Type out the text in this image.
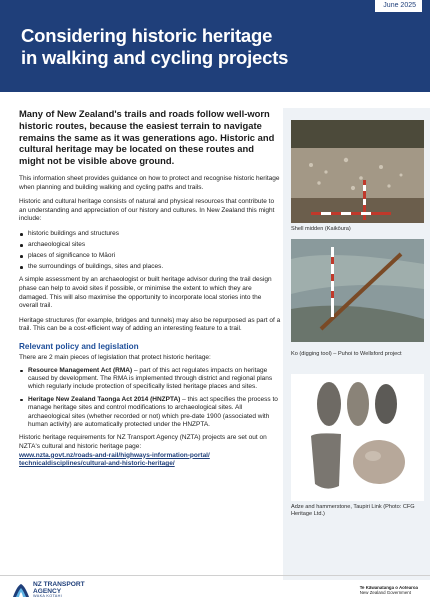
June 2025
Considering historic heritage
in walking and cycling projects

Many of New Zealand's trails and roads follow well-worn historic routes, because the easiest terrain to navigate remains the same as it was generations ago. Historic and cultural heritage may be located on these routes and might not be visible above ground.

This information sheet provides guidance on how to protect and recognise historic heritage when planning and building walking and cycling paths and trails.

Historic and cultural heritage consists of natural and physical resources that contribute to an understanding and appreciation of our history and cultures. In New Zealand this might include:

historic buildings and structures
archaeological sites
places of significance to Māori
the surroundings of buildings, sites and places.

A simple assessment by an archaeologist or built heritage advisor during the trail design phase can help to avoid sites if possible, or minimise the extent to which they are damaged. This will also maximise the opportunity to incorporate local stories into the overall trail.

Heritage structures (for example, bridges and tunnels) may also be repurposed as part of a trail. This can be a cost-efficient way of adding an interesting feature to a trail.

Relevant policy and legislation

There are 2 main pieces of legislation that protect historic heritage:

Resource Management Act (RMA) – part of this act regulates impacts on heritage caused by development. The RMA is implemented through district and regional plans which regularly include protection of specifically listed heritage places and sites.
Heritage New Zealand Taonga Act 2014 (HNZPTA) – this act specifies the process to manage heritage sites and control modifications to archaeological sites. All archaeological sites (whether recorded or not) which pre-date 1900 (associated with human activity) are automatically protected under the HNZPTA.

Historic heritage requirements for NZ Transport Agency (NZTA) projects are set out on NZTA's cultural and historic heritage page:

www.nzta.govt.nz/roads-and-rail/highways-information-portal/
technicaldisciplines/cultural-and-historic-heritage/
Shell midden (Kaikōura)
Ko (digging tool) – Puhoi to Wellsford project
Adze and hammerstone, Taupiri Link (Photo: CFG Heritage Ltd.)
NZ TRANSPORT
AGENCY
WAKA KOTAHI
Te Kāwanatanga o Aotearoa
New Zealand Government
